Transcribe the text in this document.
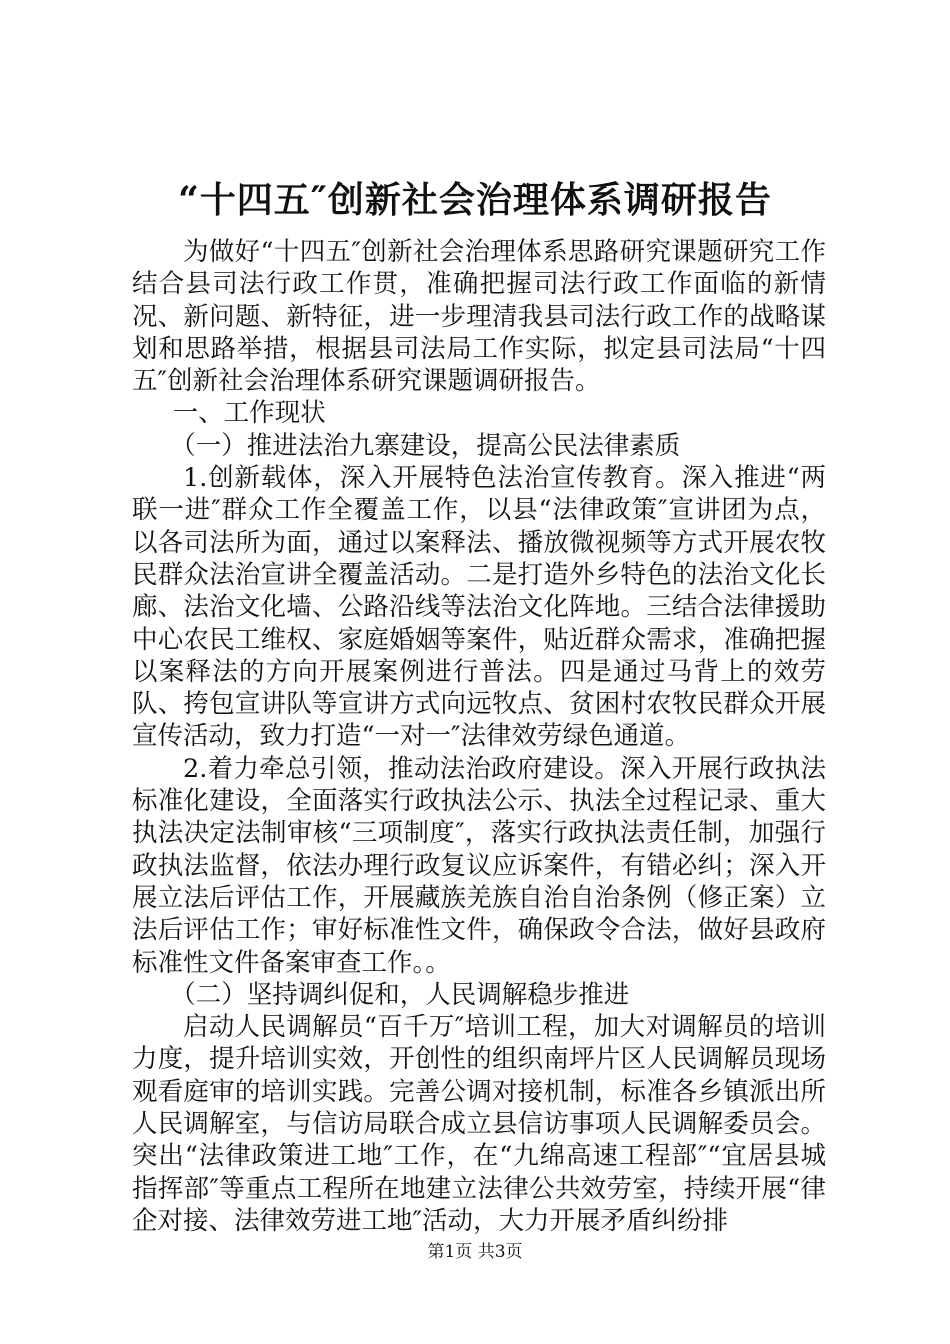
“十四五″创新社会治理体系调研报告

为做好“十四五″创新社会治理体系思路研究课题研究工作结合县司法行政工作贯，准确把握司法行政工作面临的新情况、新问题、新特征，进一步理清我县司法行政工作的战略谋划和思路举措，根据县司法局工作实际，拟定县司法局“十四五″创新社会治理体系研究课题调研报告。

一、工作现状

（一）推进法治九寨建设，提高公民法律素质

1.创新载体，深入开展特色法治宣传教育。深入推进“两联一进″群众工作全覆盖工作，以县“法律政策″宣讲团为点，以各司法所为面，通过以案释法、播放微视频等方式开展农牧民群众法治宣讲全覆盖活动。二是打造外乡特色的法治文化长廊、法治文化墙、公路沿线等法治文化阵地。三结合法律援助中心农民工维权、家庭婚姻等案件，贴近群众需求，准确把握以案释法的方向开展案例进行普法。四是通过马背上的效劳队、挎包宣讲队等宣讲方式向远牧点、贫困村农牧民群众开展宣传活动，致力打造“一对一″法律效劳绿色通道。

2.着力牵总引领，推动法治政府建设。深入开展行政执法标准化建设，全面落实行政执法公示、执法全过程记录、重大执法决定法制审核“三项制度″，落实行政执法责任制，加强行政执法监督，依法办理行政复议应诉案件，有错必纠；深入开展立法后评估工作，开展藏族羌族自治自治条例（修正案）立法后评估工作；审好标准性文件，确保政令合法，做好县政府标准性文件备案审查工作。。

（二）坚持调纠促和，人民调解稳步推进

启动人民调解员“百千万″培训工程，加大对调解员的培训力度，提升培训实效，开创性的组织南坪片区人民调解员现场观看庭审的培训实践。完善公调对接机制，标准各乡镇派出所人民调解室，与信访局联合成立县信访事项人民调解委员会。突出“法律政策进工地″工作，在“九绵高速工程部″“宜居县城指挥部″等重点工程所在地建立法律公共效劳室，持续开展“律企对接、法律效劳进工地″活动，大力开展矛盾纠纷排

第1页 共3页
